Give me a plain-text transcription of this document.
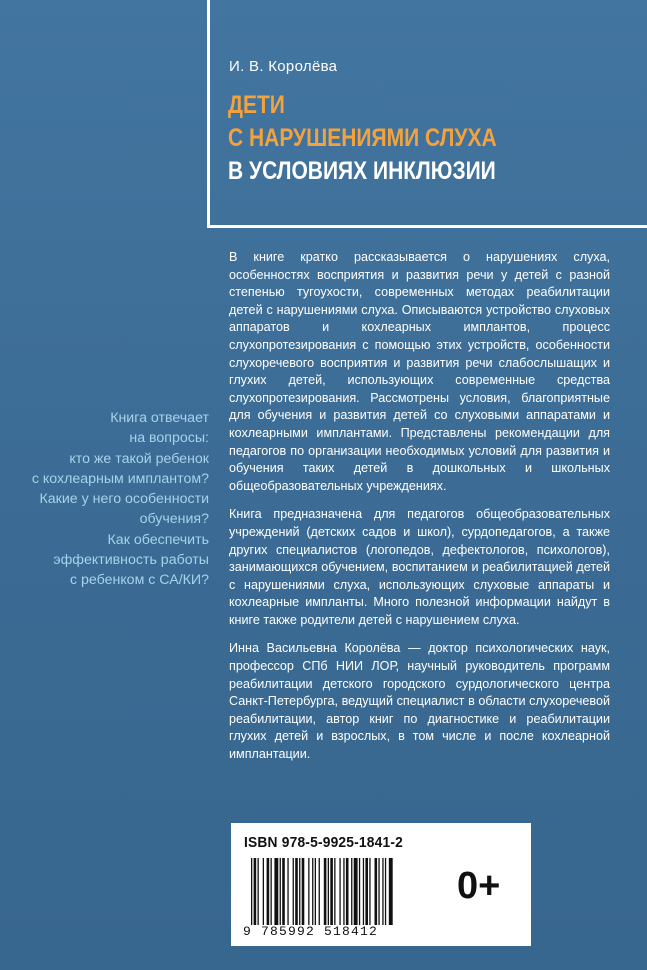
И. В. Королёва
ДЕТИ
С НАРУШЕНИЯМИ СЛУХА
В УСЛОВИЯХ ИНКЛЮЗИИ
Книга отвечает
на вопросы:
кто же такой ребенок
с кохлеарным имплантом?
Какие у него особенности
обучения?
Как обеспечить
эффективность работы
с ребенком с СА/КИ?

В книге кратко рассказывается о нарушениях слуха, особенностях восприятия и развития речи у детей с разной степенью тугоухости, современных методах реабилитации детей с нарушениями слуха. Описываются устройство слуховых аппаратов и кохлеарных имплантов, процесс слухопротезирования с помощью этих устройств, особенности слухоречевого восприятия и развития речи слабослышащих и глухих детей, использующих современные средства слухопротезирования. Рассмотрены условия, благоприятные для обучения и развития детей со слуховыми аппаратами и кохлеарными имплантами. Представлены рекомендации для педагогов по организации необходимых условий для развития и обучения таких детей в дошкольных и школьных общеобразовательных учреждениях.

Книга предназначена для педагогов общеобразовательных учреждений (детских садов и школ), сурдопедагогов, а также других специалистов (логопедов, дефектологов, психологов), занимающихся обучением, воспитанием и реабилитацией детей с нарушениями слуха, использующих слуховые аппараты и кохлеарные импланты. Много полезной информации найдут в книге также родители детей с нарушением слуха.

Инна Васильевна Королёва — доктор психологических наук, профессор СПб НИИ ЛОР, научный руководитель программ реабилитации детского городского сурдологического центра Санкт-Петербурга, ведущий специалист в области слухоречевой реабилитации, автор книг по диагностике и реабилитации глухих детей и взрослых, в том числе и после кохлеарной имплантации.

ISBN 978-5-9925-1841-2
9 785992 518412
0+
